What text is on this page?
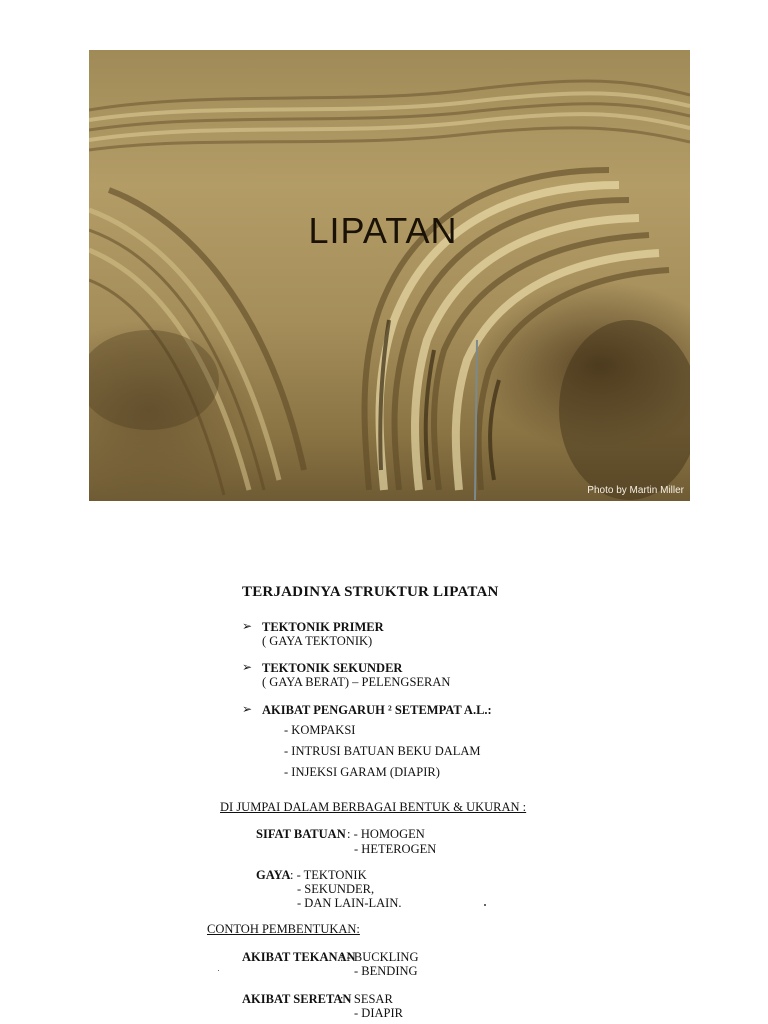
LIPATAN
Photo by Martin Miller
TERJADINYA STRUKTUR LIPATAN
➢ TEKTONIK PRIMER
( GAYA TEKTONIK)
➢ TEKTONIK SEKUNDER
( GAYA BERAT) – PELENGSERAN
➢ AKIBAT PENGARUH ² SETEMPAT A.L.:
- KOMPAKSI
- INTRUSI BATUAN BEKU DALAM
- INJEKSI GARAM (DIAPIR)
DI JUMPAI DALAM BERBAGAI BENTUK & UKURAN :
SIFAT BATUAN : - HOMOGEN
- HETEROGEN
GAYA : - TEKTONIK
- SEKUNDER,
- DAN LAIN-LAIN.
CONTOH PEMBENTUKAN:
AKIBAT TEKANAN
: - BUCKLING
- BENDING
AKIBAT SERETAN
: - SESAR
- DIAPIR
